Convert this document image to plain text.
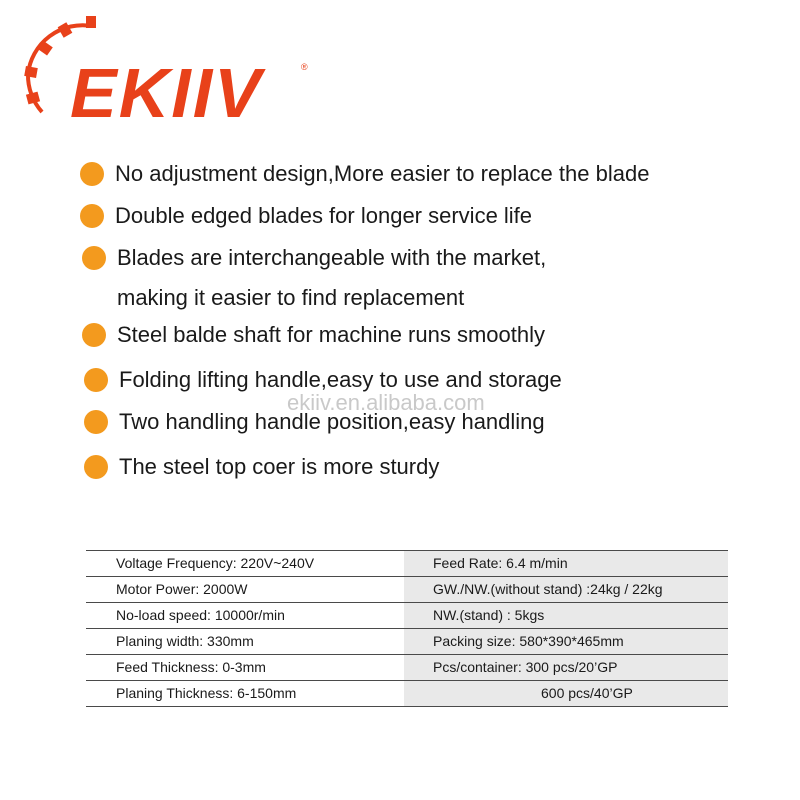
EKIIV	®
No adjustment design,More easier to replace the blade
Double edged blades for longer service life
Blades are interchangeable with the market,
making it easier to find replacement
Steel balde shaft for machine runs smoothly
Folding lifting handle,easy to use and storage
Two handling handle position,easy handling
The steel top coer is more sturdy
ekiiv.en.alibaba.com
Voltage Frequency: 220V~240V	Feed Rate: 6.4 m/min
Motor Power: 2000W	GW./NW.(without stand) :24kg / 22kg
No-load speed: 10000r/min	NW.(stand) : 5kgs
Planing width: 330mm	Packing size: 580*390*465mm
Feed Thickness: 0-3mm	Pcs/container: 300 pcs/20’GP
Planing Thickness: 6-150mm	600 pcs/40’GP
